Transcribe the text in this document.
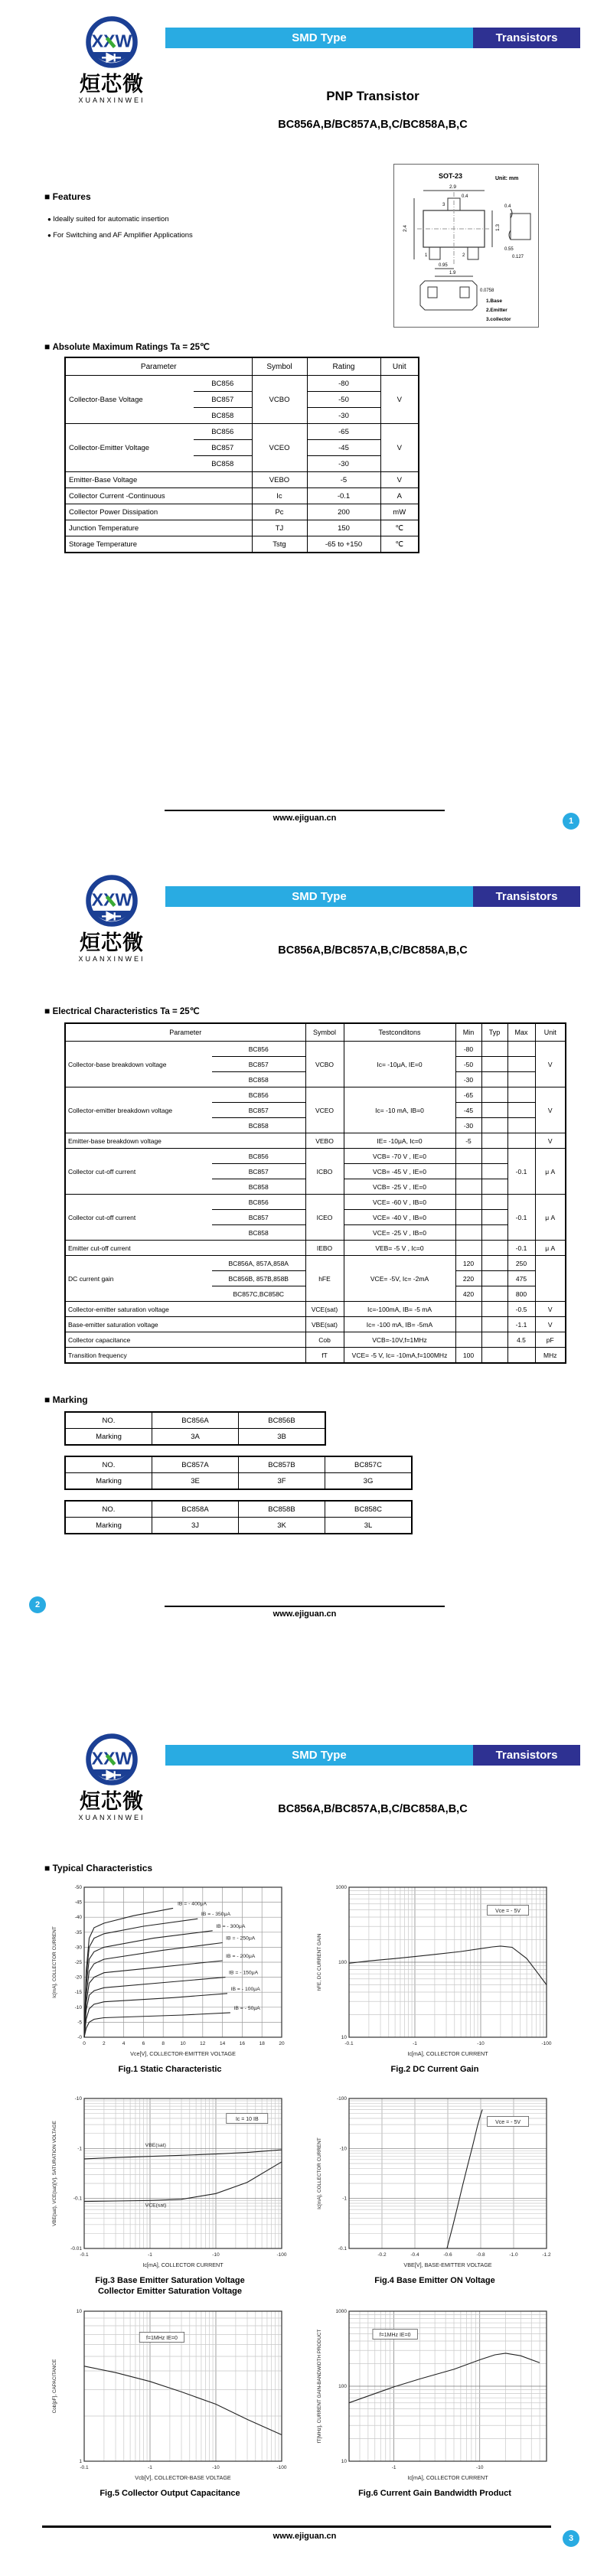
XXW
烜芯微
XUANXINWEI
SMD Type	Transistors
PNP Transistor
BC856A,B/BC857A,B,C/BC858A,B,C
■ Features
● Ideally suited for automatic insertion
● For Switching and AF Amplifier Applications
SOT-23	Unit: mm
3
1	2
2.9
0.4
2.4	1.3
0.95
1.9
0.4
0.55
0.127
0.0758
1.Base
2.Emitter
3.collector
■ Absolute Maximum Ratings Ta = 25℃
Parameter		Symbol	Rating	Unit
Collector-Base Voltage	BC856	VCBO	-80	V
	BC857		-50	
	BC858		-30	
Collector-Emitter Voltage	BC856	VCEO	-65	V
	BC857		-45	
	BC858		-30	
Emitter-Base Voltage		VEBO	-5	V
Collector Current -Continuous		Ic	-0.1	A
Collector Power Dissipation		Pc	200	mW
Junction Temperature		TJ	150	℃
Storage Temperature		Tstg	-65 to +150	℃
www.ejiguan.cn	1
XXW
烜芯微
XUANXINWEI
SMD Type	Transistors
BC856A,B/BC857A,B,C/BC858A,B,C
■ Electrical Characteristics Ta = 25℃
Parameter		Symbol	Testconditons	Min	Typ	Max	Unit
Collector-base breakdown voltage	BC856	VCBO	Ic= -10μA, IE=0	-80			V
	BC857			-50			
	BC858			-30			
Collector-emitter breakdown voltage	BC856	VCEO	Ic= -10 mA, IB=0	-65			V
	BC857			-45			
	BC858			-30			
Emitter-base breakdown voltage		VEBO	IE= -10μA, Ic=0	-5			V
Collector cut-off current	BC856	ICBO	VCB= -70 V , IE=0			-0.1	μ A
	BC857		VCB= -45 V , IE=0				
	BC858		VCB= -25 V , IE=0				
Collector cut-off current	BC856	ICEO	VCE= -60 V , IB=0			-0.1	μ A
	BC857		VCE= -40 V , IB=0				
	BC858		VCE= -25 V , IB=0				
Emitter cut-off current		IEBO	VEB= -5 V , Ic=0			-0.1	μ A
DC current gain	BC856A, 857A,858A	hFE	VCE= -5V, Ic= -2mA	120		250	
	BC856B, 857B,858B			220		475	
	BC857C,BC858C			420		800	
Collector-emitter saturation voltage		VCE(sat)	Ic=-100mA, IB= -5 mA			-0.5	V
Base-emitter saturation voltage		VBE(sat)	Ic= -100 mA, IB= -5mA			-1.1	V
Collector capacitance		Cob	VCB=-10V,f=1MHz			4.5	pF
Transition frequency		fT	VCE= -5 V, Ic= -10mA,f=100MHz	100			MHz
■ Marking
NO.	BC856A	BC856B
Marking	3A	3B
NO.	BC857A	BC857B	BC857C
Marking	3E	3F	3G
NO.	BC858A	BC858B	BC858C
Marking	3J	3K	3L
2
www.ejiguan.cn
XXW
烜芯微
XUANXINWEI
SMD Type	Transistors
BC856A,B/BC857A,B,C/BC858A,B,C
■ Typical Characteristics
0	2	4	6	8	10	12	14	16	18	20
-0
-5
-10
-15
-20
-25
-30
-35
-40
-45
-50
Vce[V], COLLECTOR-EMITTER VOLTAGE
Ic[mA], COLLECTOR CURRENT
IB = - 400μA
IB = - 350μA
IB = - 300μA
IB = - 250μA
IB = - 200μA
IB = - 150μA
IB = - 100μA
IB = - 50μA
Fig.1 Static Characteristic
-0.1	-1	-10	-100
10
100
1000
Ic[mA], COLLECTOR CURRENT
hFE, DC CURRENT GAIN
Vce = - 5V
Fig.2 DC Current Gain
-0.1	-1	-10	-100
-0.01
-0.1
-1
-10
Ic[mA], COLLECTOR CURRENT
VBE(sat), VCE(sat)[V], SATURATION VOLTAGE
Ic = 10 IB
VBE(sat)
VCE(sat)
Fig.3 Base Emitter Saturation Voltage
Collector Emitter Saturation Voltage
-0.2	-0.4	-0.6	-0.8	-1.0	-1.2
-0.1
-1
-10
-100
VBE[V], BASE-EMITTER VOLTAGE
Ic[mA], COLLECTOR CURRENT
Vce = - 5V
Fig.4 Base Emitter ON Voltage
-0.1	-1	-10	-100
1
10
Vcb[V], COLLECTOR-BASE VOLTAGE
Cob[pF], CAPACITANCE
f=1MHz IE=0
Fig.5 Collector Output Capacitance
-1	-10
10
100
1000
Ic[mA], COLLECTOR CURRENT
fT[MHz], CURRENT GAIN-BANDWIDTH PRODUCT	f=1MHz IE=0
Fig.6 Current Gain Bandwidth Product
www.ejiguan.cn	3
